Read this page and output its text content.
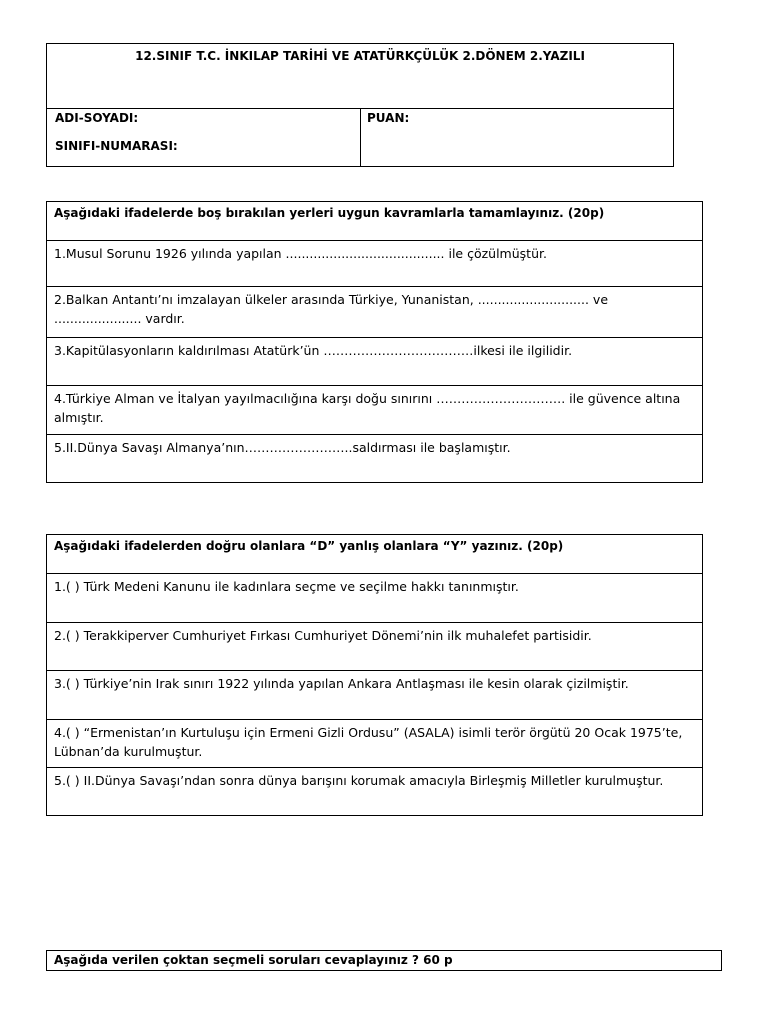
12.SINIF T.C. İNKILAP TARİHİ VE ATATÜRKÇÜLÜK 2.DÖNEM 2.YAZILI
ADI-SOYADI:
SINIFI-NUMARASI:
PUAN:
Aşağıdaki ifadelerde boş bırakılan yerleri uygun kavramlarla tamamlayınız. (20p)
1.Musul Sorunu 1926 yılında yapılan ........................................ ile çözülmüştür.
2.Balkan Antantı’nı imzalayan ülkeler arasında Türkiye, Yunanistan, ............................ ve ...................... vardır.
3.Kapitülasyonların kaldırılması Atatürk’ün ………………………………ilkesi ile ilgilidir.
4.Türkiye Alman ve İtalyan yayılmacılığına karşı doğu sınırını …………………………. ile güvence altına almıştır.
5.II.Dünya Savaşı Almanya’nın……………………..saldırması ile başlamıştır.
Aşağıdaki ifadelerden doğru olanlara “D” yanlış olanlara “Y” yazınız. (20p)
1.( ) Türk Medeni Kanunu ile kadınlara seçme ve seçilme hakkı tanınmıştır.
2.( ) Terakkiperver Cumhuriyet Fırkası Cumhuriyet Dönemi’nin ilk muhalefet partisidir.
3.( ) Türkiye’nin Irak sınırı 1922 yılında yapılan Ankara Antlaşması ile kesin olarak çizilmiştir.
4.( ) “Ermenistan’ın Kurtuluşu için Ermeni Gizli Ordusu” (ASALA) isimli terör örgütü 20 Ocak 1975’te, Lübnan’da kurulmuştur.
5.( ) II.Dünya Savaşı’ndan sonra dünya barışını korumak amacıyla Birleşmiş Milletler kurulmuştur.
Aşağıda verilen çoktan seçmeli soruları cevaplayınız ? 60 p
